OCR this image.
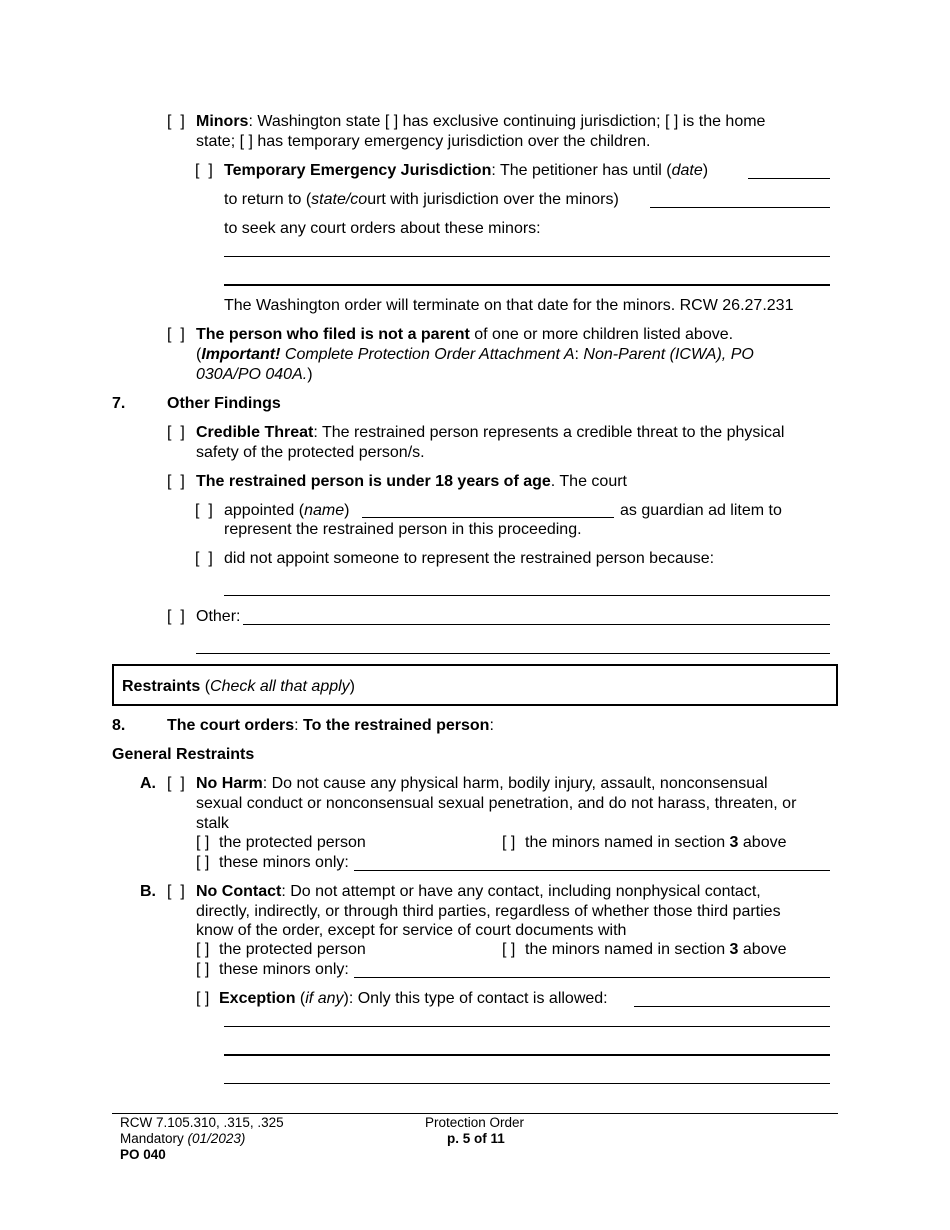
[  ] Minors: Washington state [ ] has exclusive continuing jurisdiction; [ ] is the home
state; [ ] has temporary emergency jurisdiction over the children.
[  ] Temporary Emergency Jurisdiction: The petitioner has until (date)
to return to (state/court with jurisdiction over the minors)
to seek any court orders about these minors:
The Washington order will terminate on that date for the minors. RCW 26.27.231
[  ] The person who filed is not a parent of one or more children listed above.
(Important! Complete Protection Order Attachment A: Non-Parent (ICWA), PO
030A/PO 040A.)
7.	Other Findings
[  ] Credible Threat: The restrained person represents a credible threat to the physical
safety of the protected person/s.
[  ] The restrained person is under 18 years of age. The court
[  ] appointed (name)	as guardian ad litem to
represent the restrained person in this proceeding.
[  ] did not appoint someone to represent the restrained person because:
[  ] Other:
Restraints (Check all that apply)
8.	The court orders: To the restrained person:
General Restraints
A. [  ] No Harm: Do not cause any physical harm, bodily injury, assault, nonconsensual
sexual conduct or nonconsensual sexual penetration, and do not harass, threaten, or
stalk
[ ] the protected person	[ ] the minors named in section 3 above
[ ] these minors only:
B. [  ] No Contact: Do not attempt or have any contact, including nonphysical contact,
directly, indirectly, or through third parties, regardless of whether those third parties
know of the order, except for service of court documents with
[ ] the protected person	[ ] the minors named in section 3 above
[ ] these minors only:
[ ] Exception (if any): Only this type of contact is allowed:
RCW 7.105.310, .315, .325
Mandatory (01/2023)
PO 040
Protection Order
p. 5 of 11
